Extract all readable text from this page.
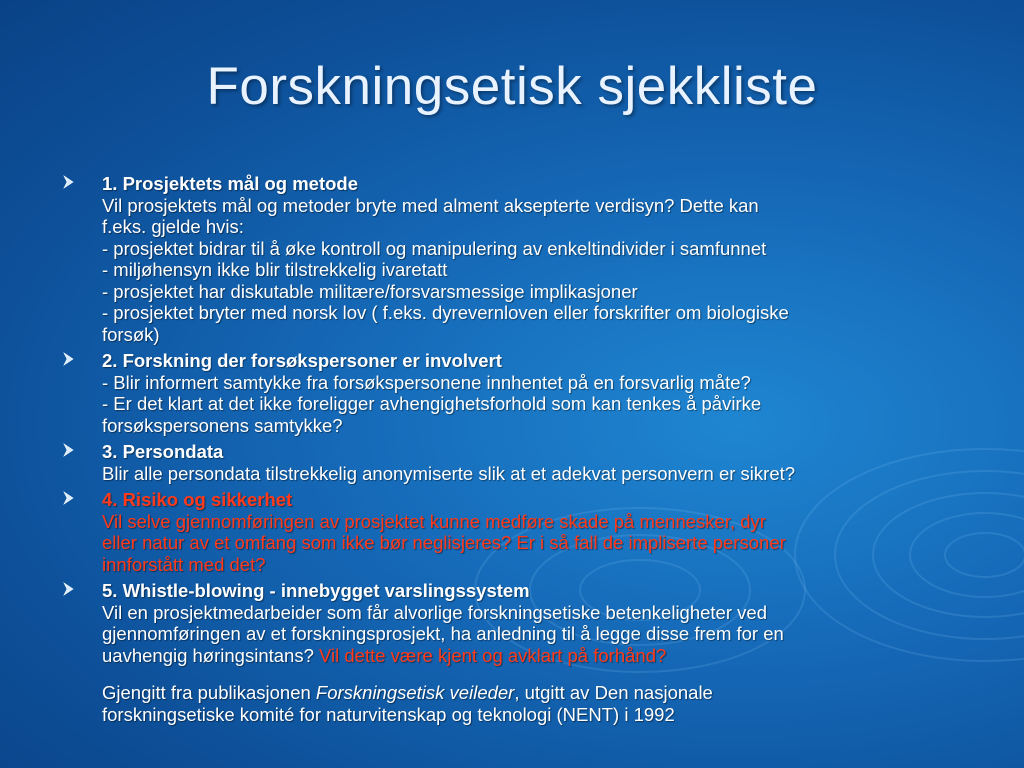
Forskningsetisk sjekkliste
1. Prosjektets mål og metode
Vil prosjektets mål og metoder bryte med alment aksepterte verdisyn? Dette kan
f.eks. gjelde hvis:
- prosjektet bidrar til å øke kontroll og manipulering av enkeltindivider i samfunnet
- miljøhensyn ikke blir tilstrekkelig ivaretatt
- prosjektet har diskutable militære/forsvarsmessige implikasjoner
- prosjektet bryter med norsk lov ( f.eks. dyrevernloven eller forskrifter om biologiske
forsøk)
2. Forskning der forsøkspersoner er involvert
- Blir informert samtykke fra forsøkspersonene innhentet på en forsvarlig måte?
- Er det klart at det ikke foreligger avhengighetsforhold som kan tenkes å påvirke
forsøkspersonens samtykke?
3. Persondata
Blir alle persondata tilstrekkelig anonymiserte slik at et adekvat personvern er sikret?
4. Risiko og sikkerhet
Vil selve gjennomføringen av prosjektet kunne medføre skade på mennesker, dyr
eller natur av et omfang som ikke bør neglisjeres? Er i så fall de impliserte personer
innforstått med det?
5. Whistle-blowing - innebygget varslingssystem
Vil en prosjektmedarbeider som får alvorlige forskningsetiske betenkeligheter ved
gjennomføringen av et forskningsprosjekt, ha anledning til å legge disse frem for en
uavhengig høringsintans? Vil dette være kjent og avklart på forhånd?
Gjengitt fra publikasjonen Forskningsetisk veileder, utgitt av Den nasjonale
forskningsetiske komité for naturvitenskap og teknologi (NENT) i 1992
